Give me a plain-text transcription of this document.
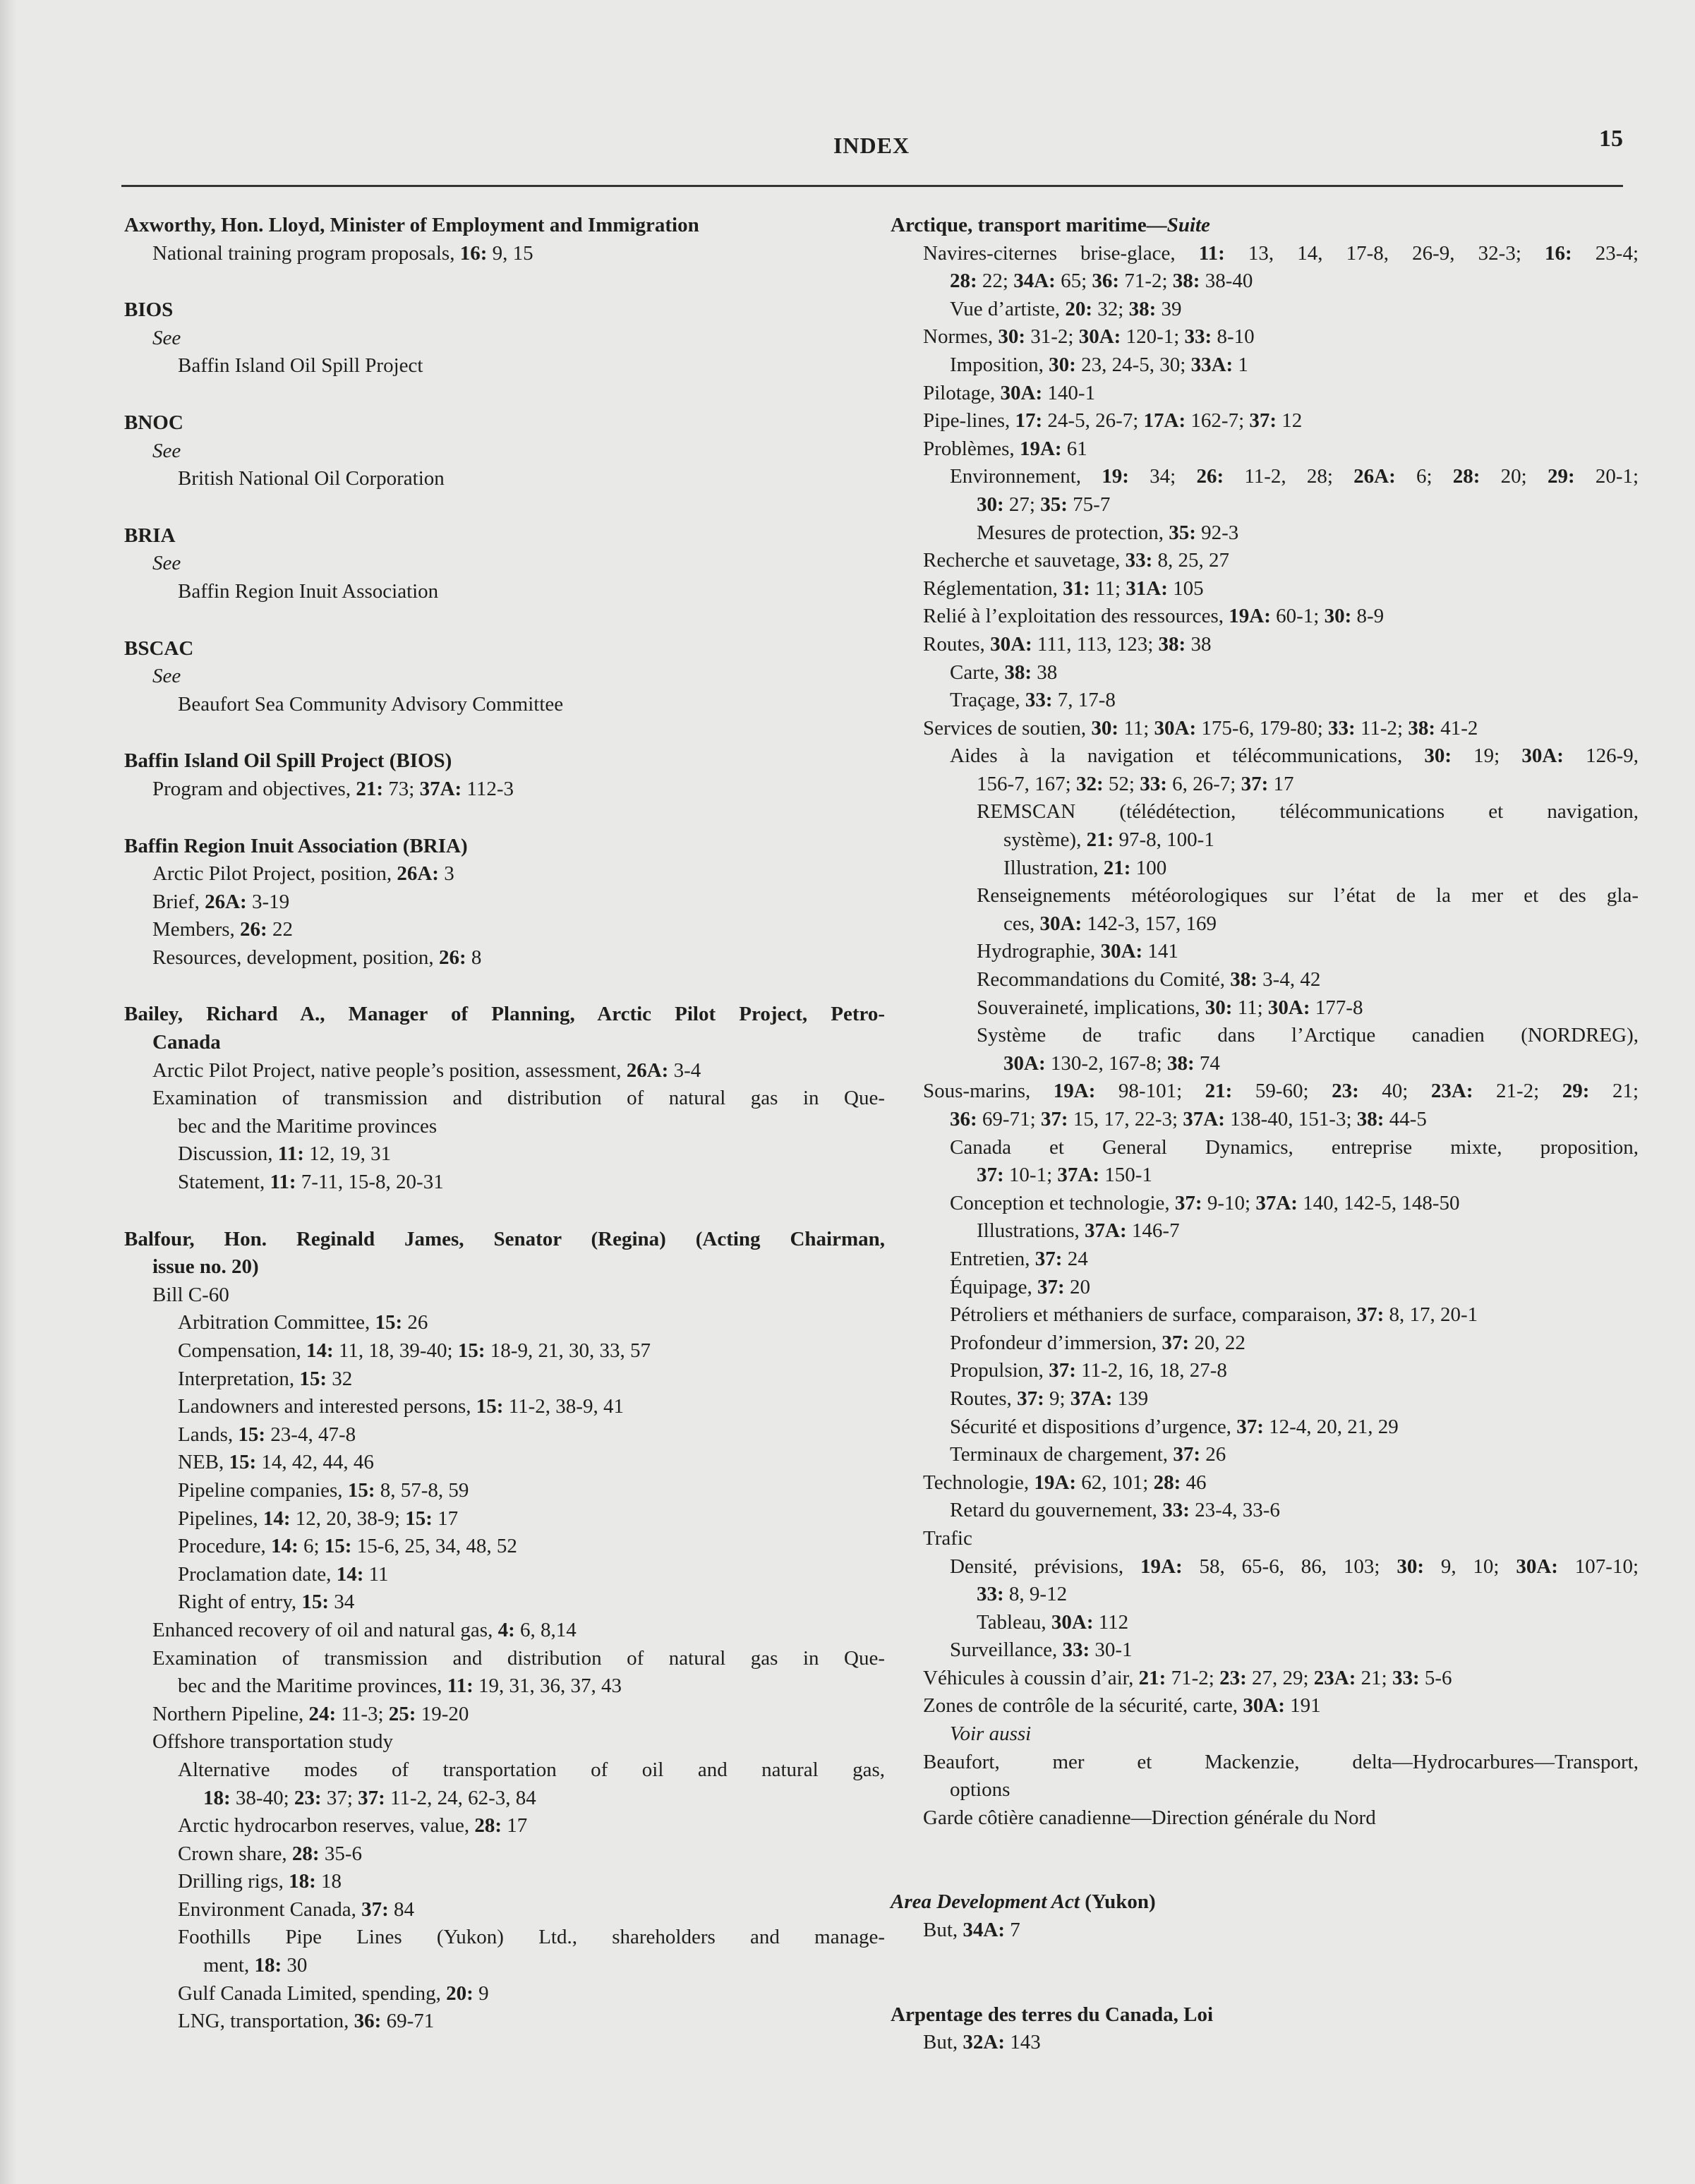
INDEX	15
Axworthy, Hon. Lloyd, Minister of Employment and Immigration
National training program proposals, 16: 9, 15
BIOS
See
Baffin Island Oil Spill Project
BNOC
See
British National Oil Corporation
BRIA
See
Baffin Region Inuit Association
BSCAC
See
Beaufort Sea Community Advisory Committee
Baffin Island Oil Spill Project (BIOS)
Program and objectives, 21: 73; 37A: 112-3
Baffin Region Inuit Association (BRIA)
Arctic Pilot Project, position, 26A: 3
Brief, 26A: 3-19
Members, 26: 22
Resources, development, position, 26: 8
Bailey, Richard A., Manager of Planning, Arctic Pilot Project, Petro-
Canada
Arctic Pilot Project, native people’s position, assessment, 26A: 3-4
Examination of transmission and distribution of natural gas in Que-
bec and the Maritime provinces
Discussion, 11: 12, 19, 31
Statement, 11: 7-11, 15-8, 20-31
Balfour, Hon. Reginald James, Senator (Regina) (Acting Chairman,
issue no. 20)
Bill C-60
Arbitration Committee, 15: 26
Compensation, 14: 11, 18, 39-40; 15: 18-9, 21, 30, 33, 57
Interpretation, 15: 32
Landowners and interested persons, 15: 11-2, 38-9, 41
Lands, 15: 23-4, 47-8
NEB, 15: 14, 42, 44, 46
Pipeline companies, 15: 8, 57-8, 59
Pipelines, 14: 12, 20, 38-9; 15: 17
Procedure, 14: 6; 15: 15-6, 25, 34, 48, 52
Proclamation date, 14: 11
Right of entry, 15: 34
Enhanced recovery of oil and natural gas, 4: 6, 8,14
Examination of transmission and distribution of natural gas in Que-
bec and the Maritime provinces, 11: 19, 31, 36, 37, 43
Northern Pipeline, 24: 11-3; 25: 19-20
Offshore transportation study
Alternative modes of transportation of oil and natural gas,
18: 38-40; 23: 37; 37: 11-2, 24, 62-3, 84
Arctic hydrocarbon reserves, value, 28: 17
Crown share, 28: 35-6
Drilling rigs, 18: 18
Environment Canada, 37: 84
Foothills Pipe Lines (Yukon) Ltd., shareholders and manage-
ment, 18: 30
Gulf Canada Limited, spending, 20: 9
LNG, transportation, 36: 69-71
Arctique, transport maritime—Suite
Navires-citernes brise-glace, 11: 13, 14, 17-8, 26-9, 32-3; 16: 23-4;
28: 22; 34A: 65; 36: 71-2; 38: 38-40
Vue d’artiste, 20: 32; 38: 39
Normes, 30: 31-2; 30A: 120-1; 33: 8-10
Imposition, 30: 23, 24-5, 30; 33A: 1
Pilotage, 30A: 140-1
Pipe-lines, 17: 24-5, 26-7; 17A: 162-7; 37: 12
Problèmes, 19A: 61
Environnement, 19: 34; 26: 11-2, 28; 26A: 6; 28: 20; 29: 20-1;
30: 27; 35: 75-7
Mesures de protection, 35: 92-3
Recherche et sauvetage, 33: 8, 25, 27
Réglementation, 31: 11; 31A: 105
Relié à l’exploitation des ressources, 19A: 60-1; 30: 8-9
Routes, 30A: 111, 113, 123; 38: 38
Carte, 38: 38
Traçage, 33: 7, 17-8
Services de soutien, 30: 11; 30A: 175-6, 179-80; 33: 11-2; 38: 41-2
Aides à la navigation et télécommunications, 30: 19; 30A: 126-9,
156-7, 167; 32: 52; 33: 6, 26-7; 37: 17
REMSCAN (télédétection, télécommunications et navigation,
système), 21: 97-8, 100-1
Illustration, 21: 100
Renseignements météorologiques sur l’état de la mer et des gla-
ces, 30A: 142-3, 157, 169
Hydrographie, 30A: 141
Recommandations du Comité, 38: 3-4, 42
Souveraineté, implications, 30: 11; 30A: 177-8
Système de trafic dans l’Arctique canadien (NORDREG),
30A: 130-2, 167-8; 38: 74
Sous-marins, 19A: 98-101; 21: 59-60; 23: 40; 23A: 21-2; 29: 21;
36: 69-71; 37: 15, 17, 22-3; 37A: 138-40, 151-3; 38: 44-5
Canada et General Dynamics, entreprise mixte, proposition,
37: 10-1; 37A: 150-1
Conception et technologie, 37: 9-10; 37A: 140, 142-5, 148-50
Illustrations, 37A: 146-7
Entretien, 37: 24
Équipage, 37: 20
Pétroliers et méthaniers de surface, comparaison, 37: 8, 17, 20-1
Profondeur d’immersion, 37: 20, 22
Propulsion, 37: 11-2, 16, 18, 27-8
Routes, 37: 9; 37A: 139
Sécurité et dispositions d’urgence, 37: 12-4, 20, 21, 29
Terminaux de chargement, 37: 26
Technologie, 19A: 62, 101; 28: 46
Retard du gouvernement, 33: 23-4, 33-6
Trafic
Densité, prévisions, 19A: 58, 65-6, 86, 103; 30: 9, 10; 30A: 107-10;
33: 8, 9-12
Tableau, 30A: 112
Surveillance, 33: 30-1
Véhicules à coussin d’air, 21: 71-2; 23: 27, 29; 23A: 21; 33: 5-6
Zones de contrôle de la sécurité, carte, 30A: 191
Voir aussi
Beaufort, mer et Mackenzie, delta—Hydrocarbures—Transport,
options
Garde côtière canadienne—Direction générale du Nord
Area Development Act (Yukon)
But, 34A: 7
Arpentage des terres du Canada, Loi
But, 32A: 143
